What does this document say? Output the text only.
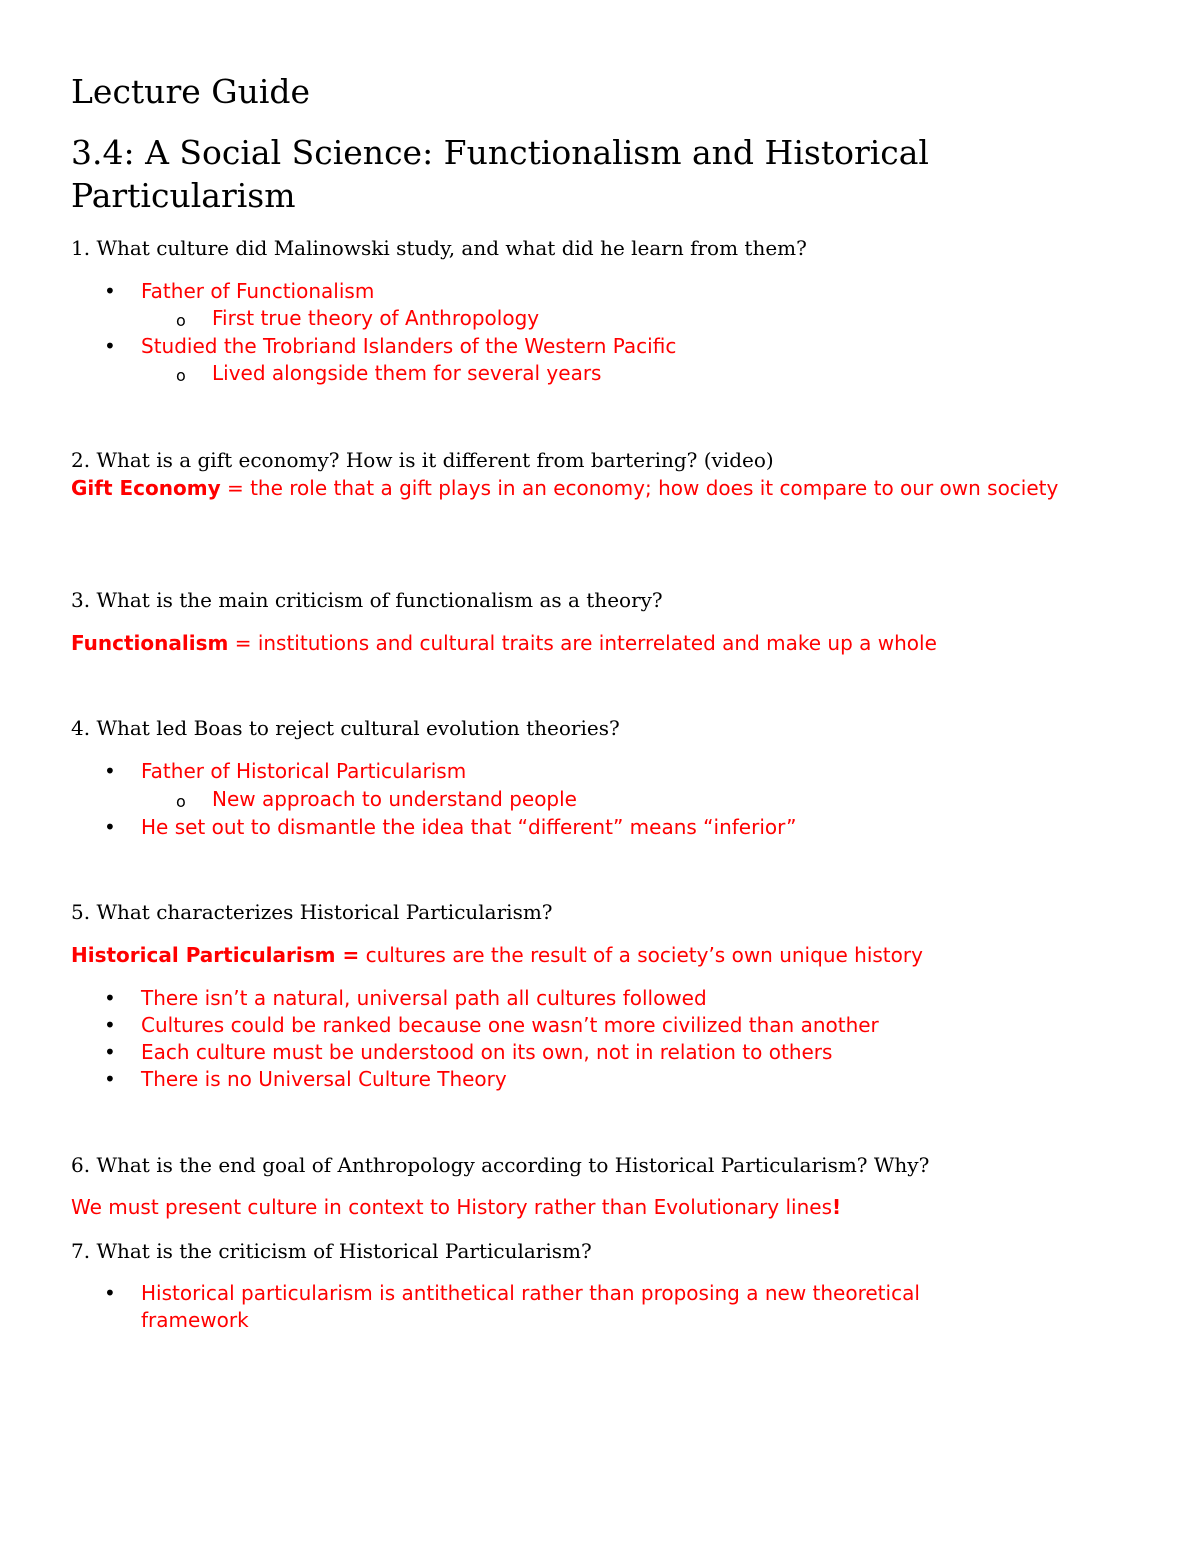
Lecture Guide
3.4: A Social Science: Functionalism and Historical Particularism
1. What culture did Malinowski study, and what did he learn from them?
• Father of Functionalism
o First true theory of Anthropology
• Studied the Trobriand Islanders of the Western Pacific
o Lived alongside them for several years
2. What is a gift economy? How is it different from bartering? (video)
Gift Economy = the role that a gift plays in an economy; how does it compare to our own society
3. What is the main criticism of functionalism as a theory?
Functionalism = institutions and cultural traits are interrelated and make up a whole
4. What led Boas to reject cultural evolution theories?
• Father of Historical Particularism
o New approach to understand people
• He set out to dismantle the idea that “different” means “inferior”
5. What characterizes Historical Particularism?
Historical Particularism = cultures are the result of a society’s own unique history
• There isn’t a natural, universal path all cultures followed
• Cultures could be ranked because one wasn’t more civilized than another
• Each culture must be understood on its own, not in relation to others
• There is no Universal Culture Theory
6. What is the end goal of Anthropology according to Historical Particularism? Why?
We must present culture in context to History rather than Evolutionary lines!
7. What is the criticism of Historical Particularism?
• Historical particularism is antithetical rather than proposing a new theoretical framework
